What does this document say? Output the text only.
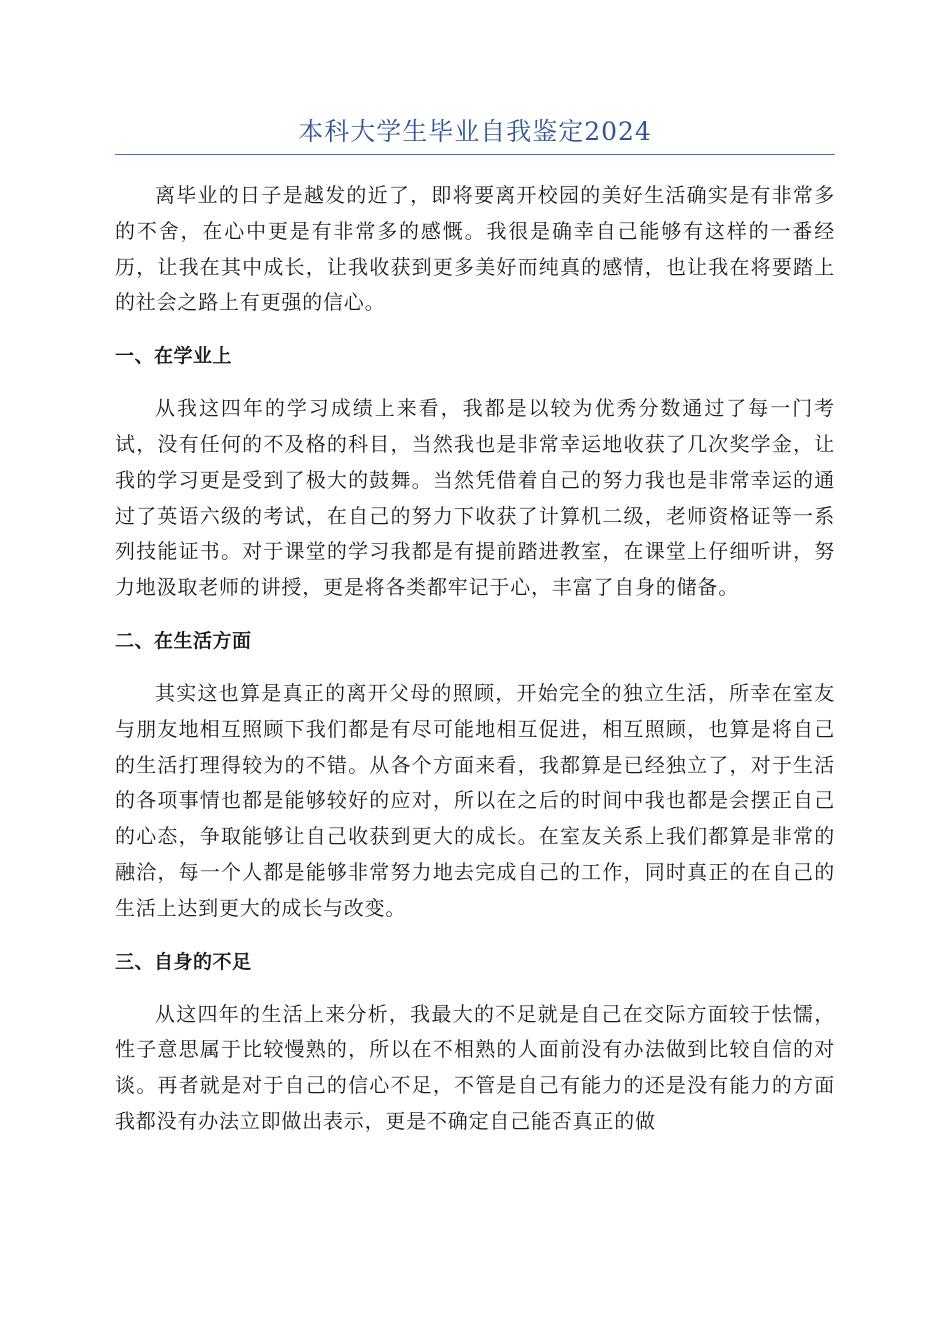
本科大学生毕业自我鉴定2024

离毕业的日子是越发的近了，即将要离开校园的美好生活确实是有非常多的不舍，在心中更是有非常多的感慨。我很是确幸自己能够有这样的一番经历，让我在其中成长，让我收获到更多美好而纯真的感情，也让我在将要踏上的社会之路上有更强的信心。

一、在学业上

从我这四年的学习成绩上来看，我都是以较为优秀分数通过了每一门考试，没有任何的不及格的科目，当然我也是非常幸运地收获了几次奖学金，让我的学习更是受到了极大的鼓舞。当然凭借着自己的努力我也是非常幸运的通过了英语六级的考试，在自己的努力下收获了计算机二级，老师资格证等一系列技能证书。对于课堂的学习我都是有提前踏进教室，在课堂上仔细听讲，努力地汲取老师的讲授，更是将各类都牢记于心，丰富了自身的储备。

二、在生活方面

其实这也算是真正的离开父母的照顾，开始完全的独立生活，所幸在室友与朋友地相互照顾下我们都是有尽可能地相互促进，相互照顾，也算是将自己的生活打理得较为的不错。从各个方面来看，我都算是已经独立了，对于生活的各项事情也都是能够较好的应对，所以在之后的时间中我也都是会摆正自己的心态，争取能够让自己收获到更大的成长。在室友关系上我们都算是非常的融洽，每一个人都是能够非常努力地去完成自己的工作，同时真正的在自己的生活上达到更大的成长与改变。

三、自身的不足

从这四年的生活上来分析，我最大的不足就是自己在交际方面较于怯懦，性子意思属于比较慢熟的，所以在不相熟的人面前没有办法做到比较自信的对谈。再者就是对于自己的信心不足，不管是自己有能力的还是没有能力的方面我都没有办法立即做出表示，更是不确定自己能否真正的做
